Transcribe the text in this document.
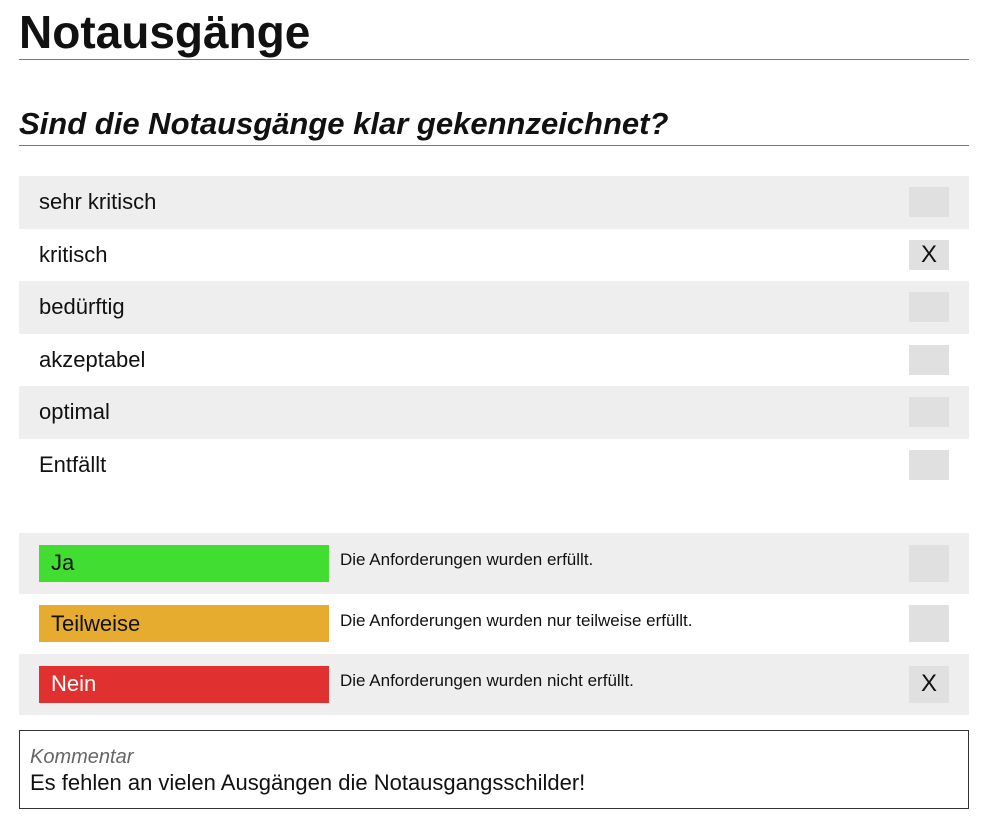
Notausgänge
Sind die Notausgänge klar gekennzeichnet?
sehr kritisch
kritisch	X
bedürftig
akzeptabel
optimal
Entfällt
Ja	Die Anforderungen wurden erfüllt.
Teilweise	Die Anforderungen wurden nur teilweise erfüllt.
Nein	Die Anforderungen wurden nicht erfüllt.	X
Kommentar
Es fehlen an vielen Ausgängen die Notausgangsschilder!
